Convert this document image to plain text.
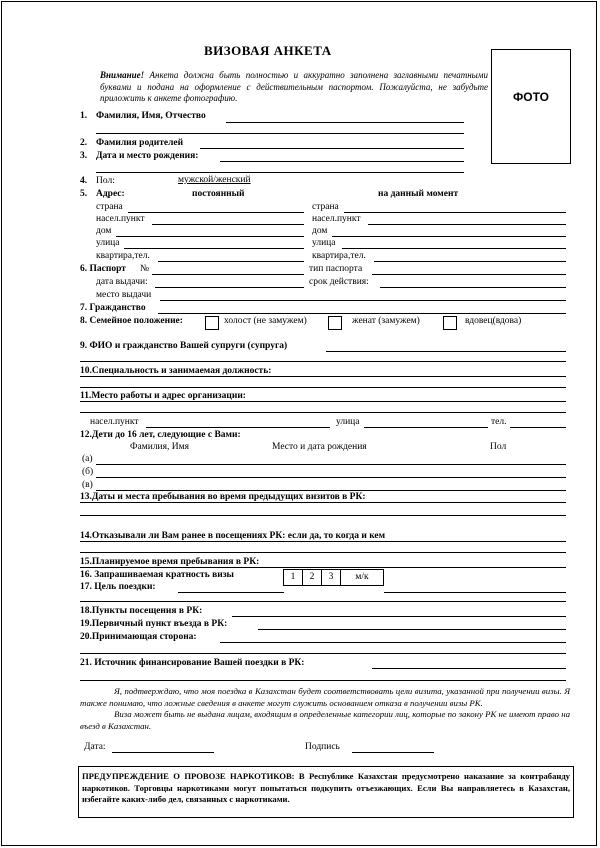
ВИЗОВАЯ АНКЕТА
Внимание! Анкета должна быть полностью и аккуратно заполнена заглавными печатными буквами и подана на оформление с действительным паспортом. Пожалуйста, не забудьте приложить к анкете фотографию.	ФОТО
1. Фамилия, Имя, Отчество
2. Фамилия родителей
3. Дата и место рождения:
4. Пол:	мужской/женский
5. Адрес:	постоянный	на данный момент
страна	страна
насел.пункт	насел.пункт
дом	дом
улица	улица
квартира,тел.	квартира,тел.
6. Паспорт №	тип паспорта
дата выдачи:	срок действия:
место выдачи
7. Гражданство
8. Семейное положение:	холост (не замужем)	женат (замужем)	вдовец(вдова)
9. ФИО и гражданство Вашей супруги (супруга)
10.Специальность и занимаемая должность:
11.Место работы и адрес организации:
насел.пункт	улица	тел.
12.Дети до 16 лет, следующие с Вами:
Фамилия, Имя	Место и дата рождения	Пол
(а)
(б)
(в)
13.Даты и места пребывания во время предыдущих визитов в РК:
14.Отказывали ли Вам ранее в посещениях РК: если да, то когда и кем
15.Планируемое время пребывания в РК:
16. Запрашиваемая кратность визы	1	2	3	м/к
17. Цель поездки:
18.Пункты посещения в РК:
19.Первичный пункт въезда в РК:
20.Принимающая сторона:
21. Источник финансирование Вашей поездки в РК:
Я, подтверждаю, что моя поездка в Казахстан будет соответствовать цели визита, указанной при получении визы. Я также понимаю, что ложные сведения в анкете могут служить основанием отказа в получении визы РК.
Виза может быть не выдана лицам, входящим в определенные категории лиц, которые по закону РК не имеют право на въезд в Казахстан.
Дата:	Подпись
ПРЕДУПРЕЖДЕНИЕ О ПРОВОЗЕ НАРКОТИКОВ: В Республике Казахстан предусмотрено наказание за контрабанду наркотиков. Торговцы наркотиками могут попытаться подкупить отъезжающих. Если Вы направляетесь в Казахстан, избегайте каких-либо дел, связанных с наркотиками.
